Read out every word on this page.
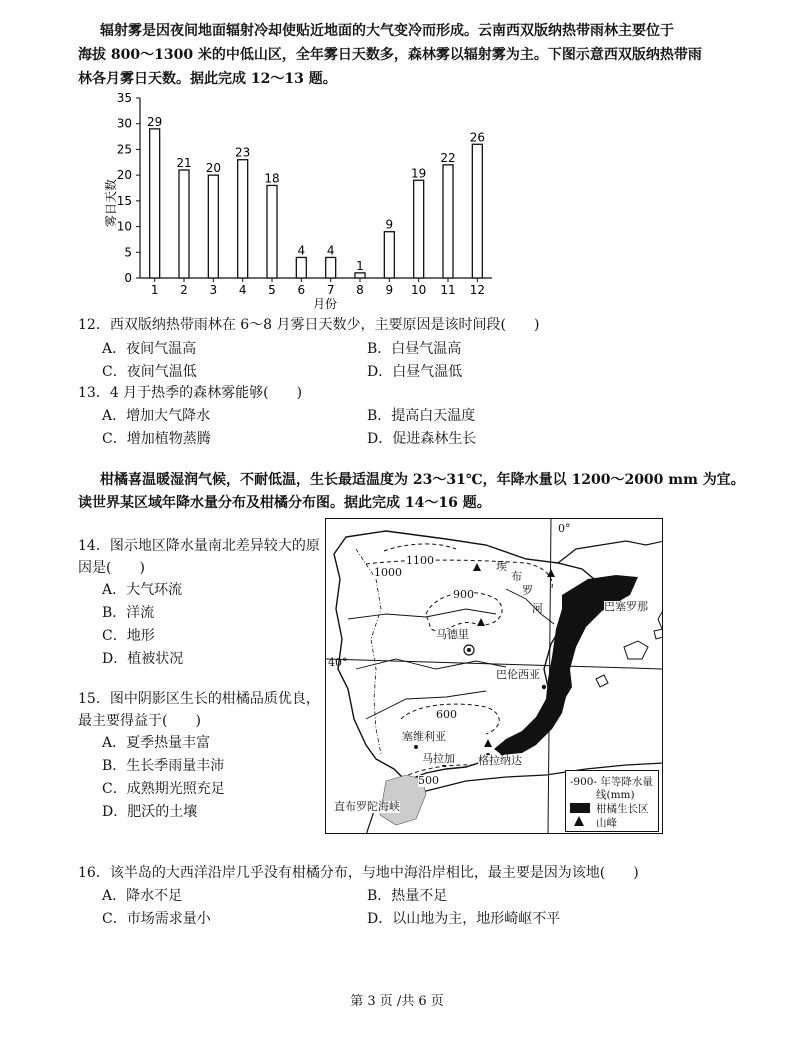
辐射雾是因夜间地面辐射冷却使贴近地面的大气变冷而形成。云南西双版纳热带雨林主要位于
海拔 800～1300 米的中低山区，全年雾日天数多，森林雾以辐射雾为主。下图示意西双版纳热带雨
林各月雾日天数。据此完成 12～13 题。
0
5
10
15
20
25
30
35
29
1
21
2
20
3
23
4
18
5
4
6
4
7
1
8
9
9
19
10
22
11
26
12
雾日天数
月份
12．西双版纳热带雨林在 6～8 月雾日天数少，主要原因是该时间段(　　)
A．夜间气温高	B．白昼气温高
C．夜间气温低	D．白昼气温低
13．4 月于热季的森林雾能够(　　)
A．增加大气降水	B．提高白天温度
C．增加植物蒸腾	D．促进森林生长
柑橘喜温暖湿润气候，不耐低温，生长最适温度为 23～31℃，年降水量以 1200～2000 mm 为宜。
读世界某区域年降水量分布及柑橘分布图。据此完成 14～16 题。
14．图示地区降水量南北差异较大的原
因是(　　)
A．大气环流
B．洋流
C．地形
D．植被状况
15．图中阴影区生长的柑橘品质优良，
最主要得益于(　　)
A．夏季热量丰富
B．生长季雨量丰沛
C．成熟期光照充足
D．肥沃的土壤
0°
40°
1100
1000
900
600
500
埃
布
罗
河
马德里
巴塞罗那
巴伦西亚
塞维利亚
马拉加 格拉纳达
直布罗陀海峡
-900- 年等降水量
线(mm)
柑橘生长区
山峰
16．该半岛的大西洋沿岸几乎没有柑橘分布，与地中海沿岸相比，最主要是因为该地(　　)
A．降水不足	B．热量不足
C．市场需求量小	D．以山地为主，地形崎岖不平
第 3 页 /共 6 页
